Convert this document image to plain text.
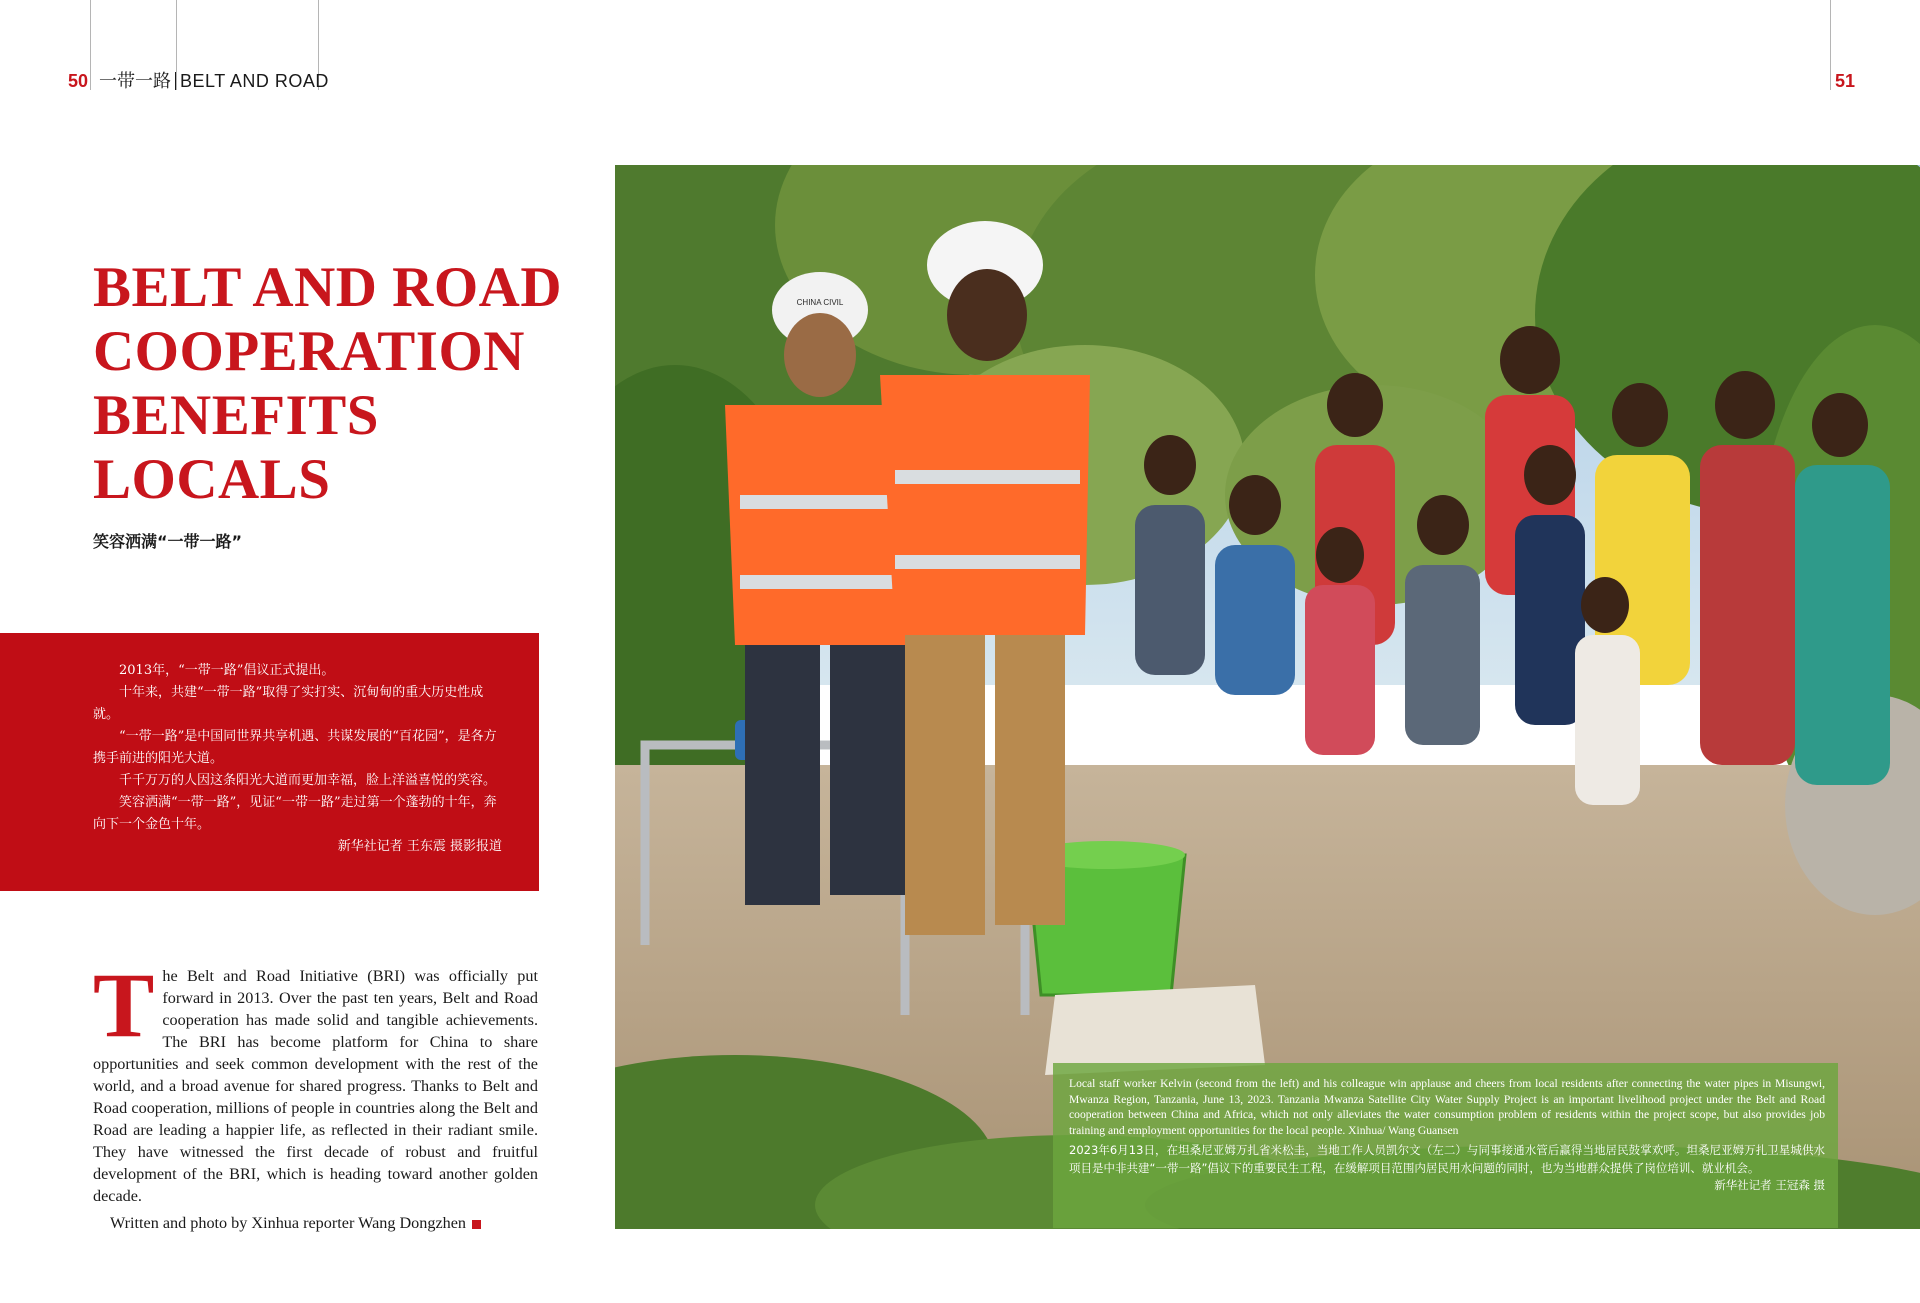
50 一带一路 BELT AND ROAD	51
BELT AND ROAD
COOPERATION
BENEFITS
LOCALS
笑容洒满“一带一路”

2013年，“一带一路”倡议正式提出。

十年来，共建“一带一路”取得了实打实、沉甸甸的重大历史性成就。

“一带一路”是中国同世界共享机遇、共谋发展的“百花园”，是各方携手前进的阳光大道。

千千万万的人因这条阳光大道而更加幸福，脸上洋溢喜悦的笑容。

笑容洒满“一带一路”，见证“一带一路”走过第一个蓬勃的十年，奔向下一个金色十年。

新华社记者 王东震 摄影报道

T he Belt and Road Initiative (BRI) was officially put forward in 2013. Over the past ten years, Belt and Road cooperation has made solid and tangible achievements. The BRI has become platform for China to share opportunities and seek common development with the rest of the world, and a broad avenue for shared progress. Thanks to Belt and Road cooperation, millions of people in countries along the Belt and Road are leading a happier life, as reflected in their radiant smile. They have witnessed the first decade of robust and fruitful development of the BRI, which is heading toward another golden decade.

Written and photo by Xinhua reporter Wang Dongzhen
CHINA CIVIL

Local staff worker Kelvin (second from the left) and his colleague win applause and cheers from local residents after connecting the water pipes in Misungwi, Mwanza Region, Tanzania, June 13, 2023. Tanzania Mwanza Satellite City Water Supply Project is an important livelihood project under the Belt and Road cooperation between China and Africa, which not only alleviates the water consumption problem of residents within the project scope, but also provides job training and employment opportunities for the local people. Xinhua/ Wang Guansen

2023年6月13日，在坦桑尼亚姆万扎省米松圭，当地工作人员凯尔文（左二）与同事接通水管后赢得当地居民鼓掌欢呼。坦桑尼亚姆万扎卫星城供水项目是中非共建“一带一路”倡议下的重要民生工程，在缓解项目范围内居民用水问题的同时，也为当地群众提供了岗位培训、就业机会。

新华社记者 王冠森 摄
